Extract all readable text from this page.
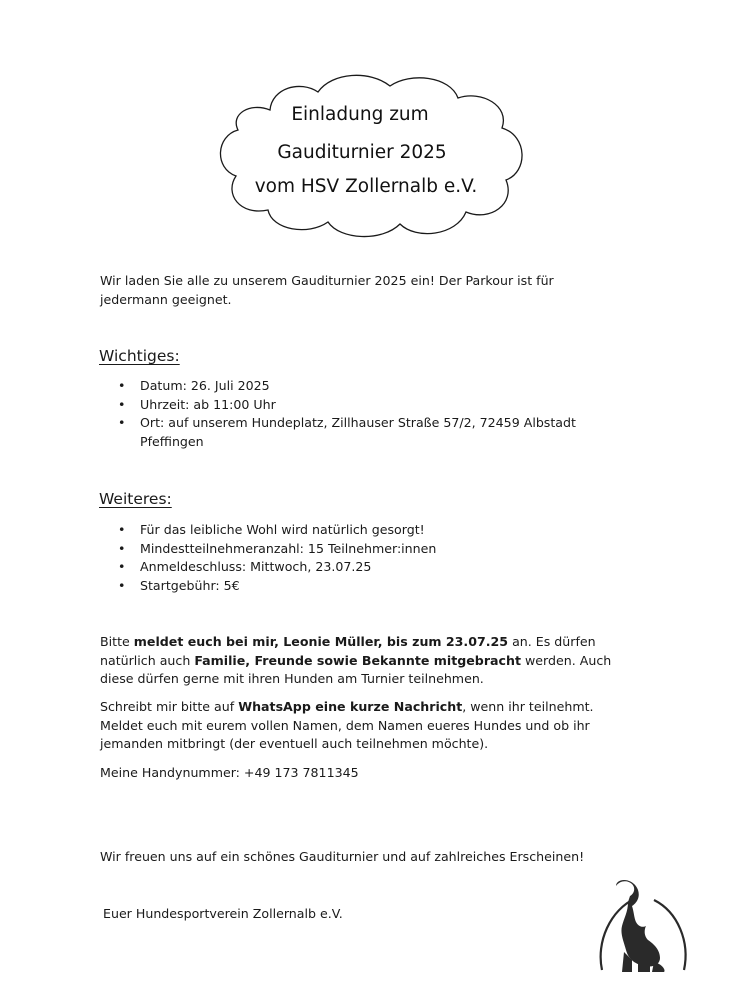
Einladung zum
Gauditurnier 2025
vom HSV Zollernalb e.V.

Wir laden Sie alle zu unserem Gauditurnier 2025 ein! Der Parkour ist für
jedermann geeignet.

Wichtiges:
• Datum: 26. Juli 2025
• Uhrzeit: ab 11:00 Uhr
• Ort: auf unserem Hundeplatz, Zillhauser Straße 57/2, 72459 Albstadt
Pfeffingen
Weiteres:
• Für das leibliche Wohl wird natürlich gesorgt!
• Mindestteilnehmeranzahl: 15 Teilnehmer:innen
• Anmeldeschluss: Mittwoch, 23.07.25
• Startgebühr: 5€

Bitte meldet euch bei mir, Leonie Müller, bis zum 23.07.25 an. Es dürfen
natürlich auch Familie, Freunde sowie Bekannte mitgebracht werden. Auch
diese dürfen gerne mit ihren Hunden am Turnier teilnehmen.

Schreibt mir bitte auf WhatsApp eine kurze Nachricht, wenn ihr teilnehmt.
Meldet euch mit eurem vollen Namen, dem Namen eueres Hundes und ob ihr
jemanden mitbringt (der eventuell auch teilnehmen möchte).

Meine Handynummer: +49 173 7811345

Wir freuen uns auf ein schönes Gauditurnier und auf zahlreiches Erscheinen!

Euer Hundesportverein Zollernalb e.V.
